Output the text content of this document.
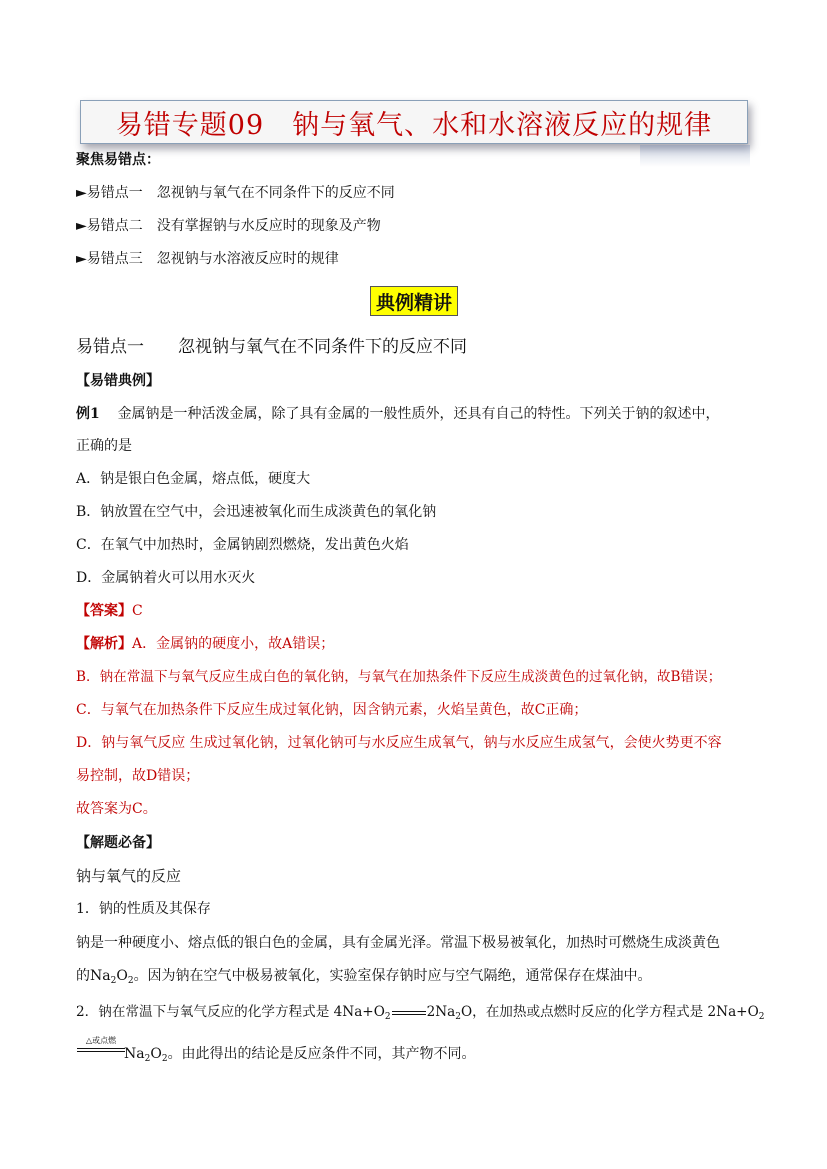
易错专题09　钠与氧气、水和水溶液反应的规律
聚焦易错点：
►易错点一　忽视钠与氧气在不同条件下的反应不同
►易错点二　没有掌握钠与水反应时的现象及产物
►易错点三　忽视钠与水溶液反应时的规律
典例精讲
易错点一　　忽视钠与氧气在不同条件下的反应不同
【易错典例】
例1 金属钠是一种活泼金属，除了具有金属的一般性质外，还具有自己的特性。下列关于钠的叙述中，
正确的是
A．钠是银白色金属，熔点低，硬度大
B．钠放置在空气中，会迅速被氧化而生成淡黄色的氧化钠
C．在氧气中加热时，金属钠剧烈燃烧，发出黄色火焰
D．金属钠着火可以用水灭火
【答案】C
【解析】A．金属钠的硬度小，故A错误；
B．钠在常温下与氧气反应生成白色的氧化钠，与氧气在加热条件下反应生成淡黄色的过氧化钠，故B错误；
C．与氧气在加热条件下反应生成过氧化钠，因含钠元素，火焰呈黄色，故C正确；
D．钠与氧气反应 生成过氧化钠，过氧化钠可与水反应生成氧气，钠与水反应生成氢气，会使火势更不容
易控制，故D错误；
故答案为C。
【解题必备】
钠与氧气的反应
1．钠的性质及其保存
钠是一种硬度小、熔点低的银白色的金属，具有金属光泽。常温下极易被氧化，加热时可燃烧生成淡黄色
的$Na_2O_2$。因为钠在空气中极易被氧化，实验室保存钠时应与空气隔绝，通常保存在煤油中。
2．钠在常温下与氧气反应的化学方程式是 $4Na+O_2$	$2Na_2O$，在加热或点燃时反应的化学方程式是 $2Na+O_2$
△或点燃
$Na_2O_2$。由此得出的结论是反应条件不同，其产物不同。
